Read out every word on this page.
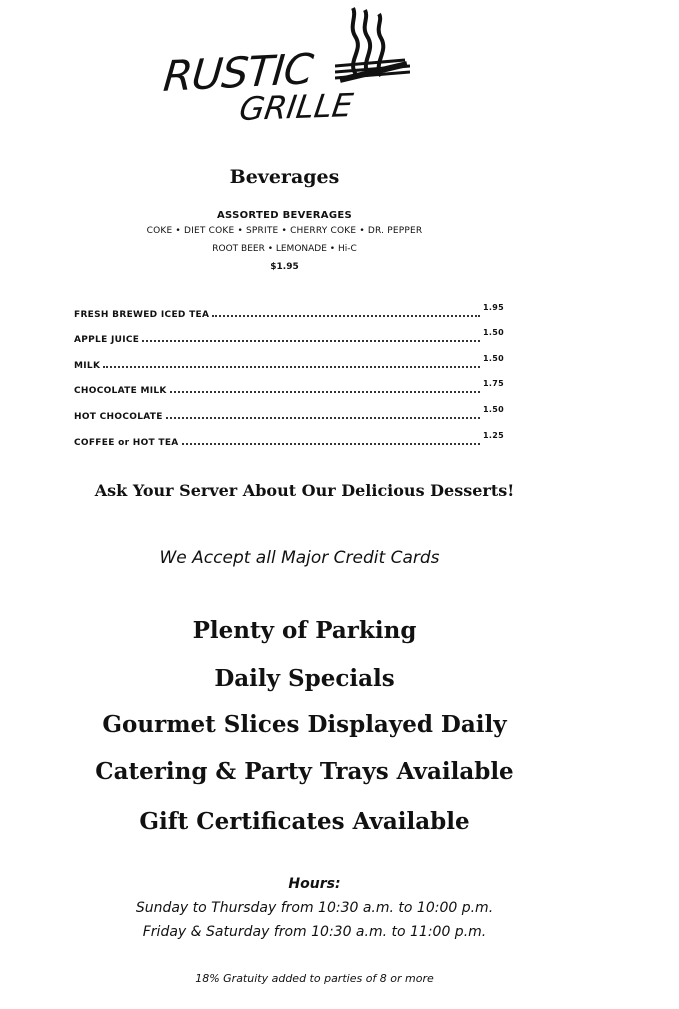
RUSTIC
GRILLE
Beverages
ASSORTED BEVERAGES
COKE • DIET COKE • SPRITE • CHERRY COKE • DR. PEPPER
ROOT BEER • LEMONADE • Hi-C
$1.95
FRESH BREWED ICED TEA
1.95
APPLE JUICE
1.50
MILK
1.50
CHOCOLATE MILK
1.75
HOT CHOCOLATE
1.50
COFFEE or HOT TEA
1.25
Ask Your Server About Our Delicious Desserts!
We Accept all Major Credit Cards
Plenty of Parking
Daily Specials
Gourmet Slices Displayed Daily
Catering & Party Trays Available
Gift Certificates Available
Hours:
Sunday to Thursday from 10:30 a.m. to 10:00 p.m.
Friday & Saturday from 10:30 a.m. to 11:00 p.m.
18% Gratuity added to parties of 8 or more
